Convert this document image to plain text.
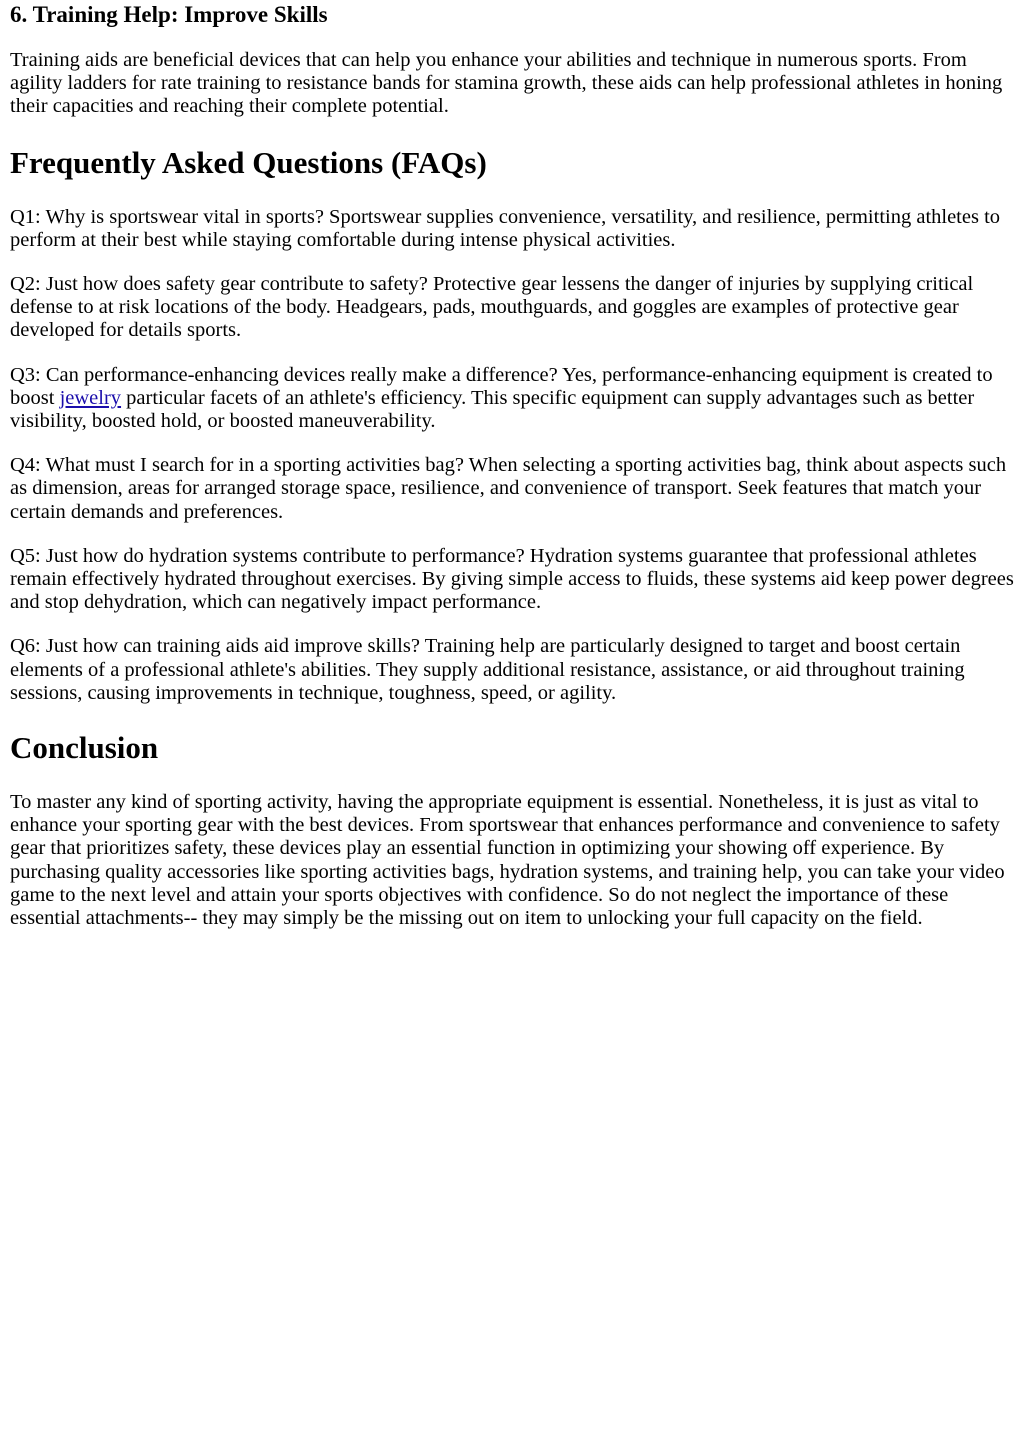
6. Training Help: Improve Skills

Training aids are beneficial devices that can help you enhance your abilities and technique in numerous sports. From agility ladders for rate training to resistance bands for stamina growth, these aids can help professional athletes in honing their capacities and reaching their complete potential.

Frequently Asked Questions (FAQs)

Q1: Why is sportswear vital in sports? Sportswear supplies convenience, versatility, and resilience, permitting athletes to perform at their best while staying comfortable during intense physical activities.

Q2: Just how does safety gear contribute to safety? Protective gear lessens the danger of injuries by supplying critical defense to at risk locations of the body. Headgears, pads, mouthguards, and goggles are examples of protective gear developed for details sports.

Q3: Can performance-enhancing devices really make a difference? Yes, performance-enhancing equipment is created to boost jewelry particular facets of an athlete's efficiency. This specific equipment can supply advantages such as better visibility, boosted hold, or boosted maneuverability.

Q4: What must I search for in a sporting activities bag? When selecting a sporting activities bag, think about aspects such as dimension, areas for arranged storage space, resilience, and convenience of transport. Seek features that match your certain demands and preferences.

Q5: Just how do hydration systems contribute to performance? Hydration systems guarantee that professional athletes remain effectively hydrated throughout exercises. By giving simple access to fluids, these systems aid keep power degrees and stop dehydration, which can negatively impact performance.

Q6: Just how can training aids aid improve skills? Training help are particularly designed to target and boost certain elements of a professional athlete's abilities. They supply additional resistance, assistance, or aid throughout training sessions, causing improvements in technique, toughness, speed, or agility.

Conclusion

To master any kind of sporting activity, having the appropriate equipment is essential. Nonetheless, it is just as vital to enhance your sporting gear with the best devices. From sportswear that enhances performance and convenience to safety gear that prioritizes safety, these devices play an essential function in optimizing your showing off experience. By purchasing quality accessories like sporting activities bags, hydration systems, and training help, you can take your video game to the next level and attain your sports objectives with confidence. So do not neglect the importance of these essential attachments-- they may simply be the missing out on item to unlocking your full capacity on the field.
